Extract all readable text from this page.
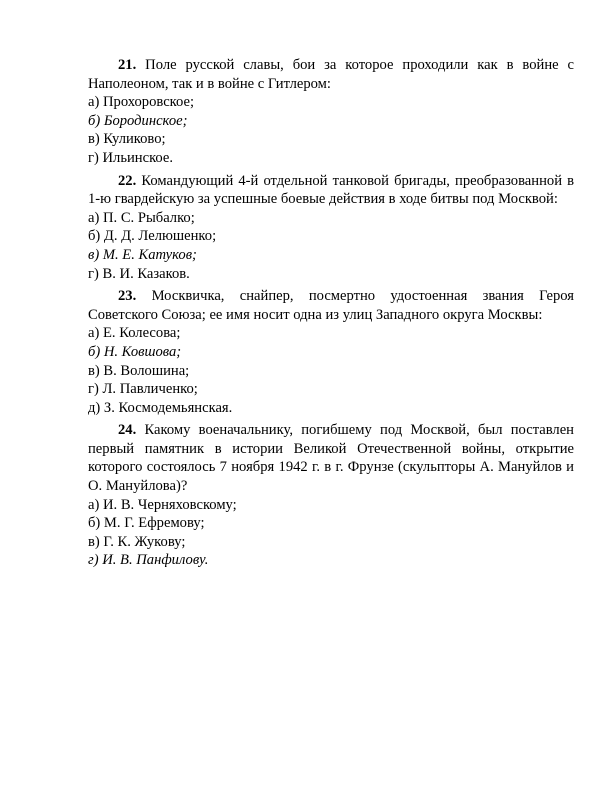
21. Поле русской славы, бои за которое проходили как в войне с Наполеоном, так и в войне с Гитлером:

а) Прохоровское;

б) Бородинское;

в) Куликово;

г) Ильинское.

22. Командующий 4-й отдельной танковой бригады, преобразованной в 1-ю гвардейскую за успешные боевые действия в ходе битвы под Москвой:

а) П. С. Рыбалко;

б) Д. Д. Лелюшенко;

в) М. Е. Катуков;

г) В. И. Казаков.

23. Москвичка, снайпер, посмертно удостоенная звания Героя Советского Союза; ее имя носит одна из улиц Западного округа Москвы:

а) Е. Колесова;

б) Н. Ковшова;

в) В. Волошина;

г) Л. Павличенко;

д) З. Космодемьянская.

24. Какому военачальнику, погибшему под Москвой, был поставлен первый памятник в истории Великой Отечественной войны, открытие которого состоялось 7 ноября 1942 г. в г. Фрунзе (скульпторы А. Мануйлов и О. Мануйлова)?

а) И. В. Черняховскому;

б) М. Г. Ефремову;

в) Г. К. Жукову;

г) И. В. Панфилову.
